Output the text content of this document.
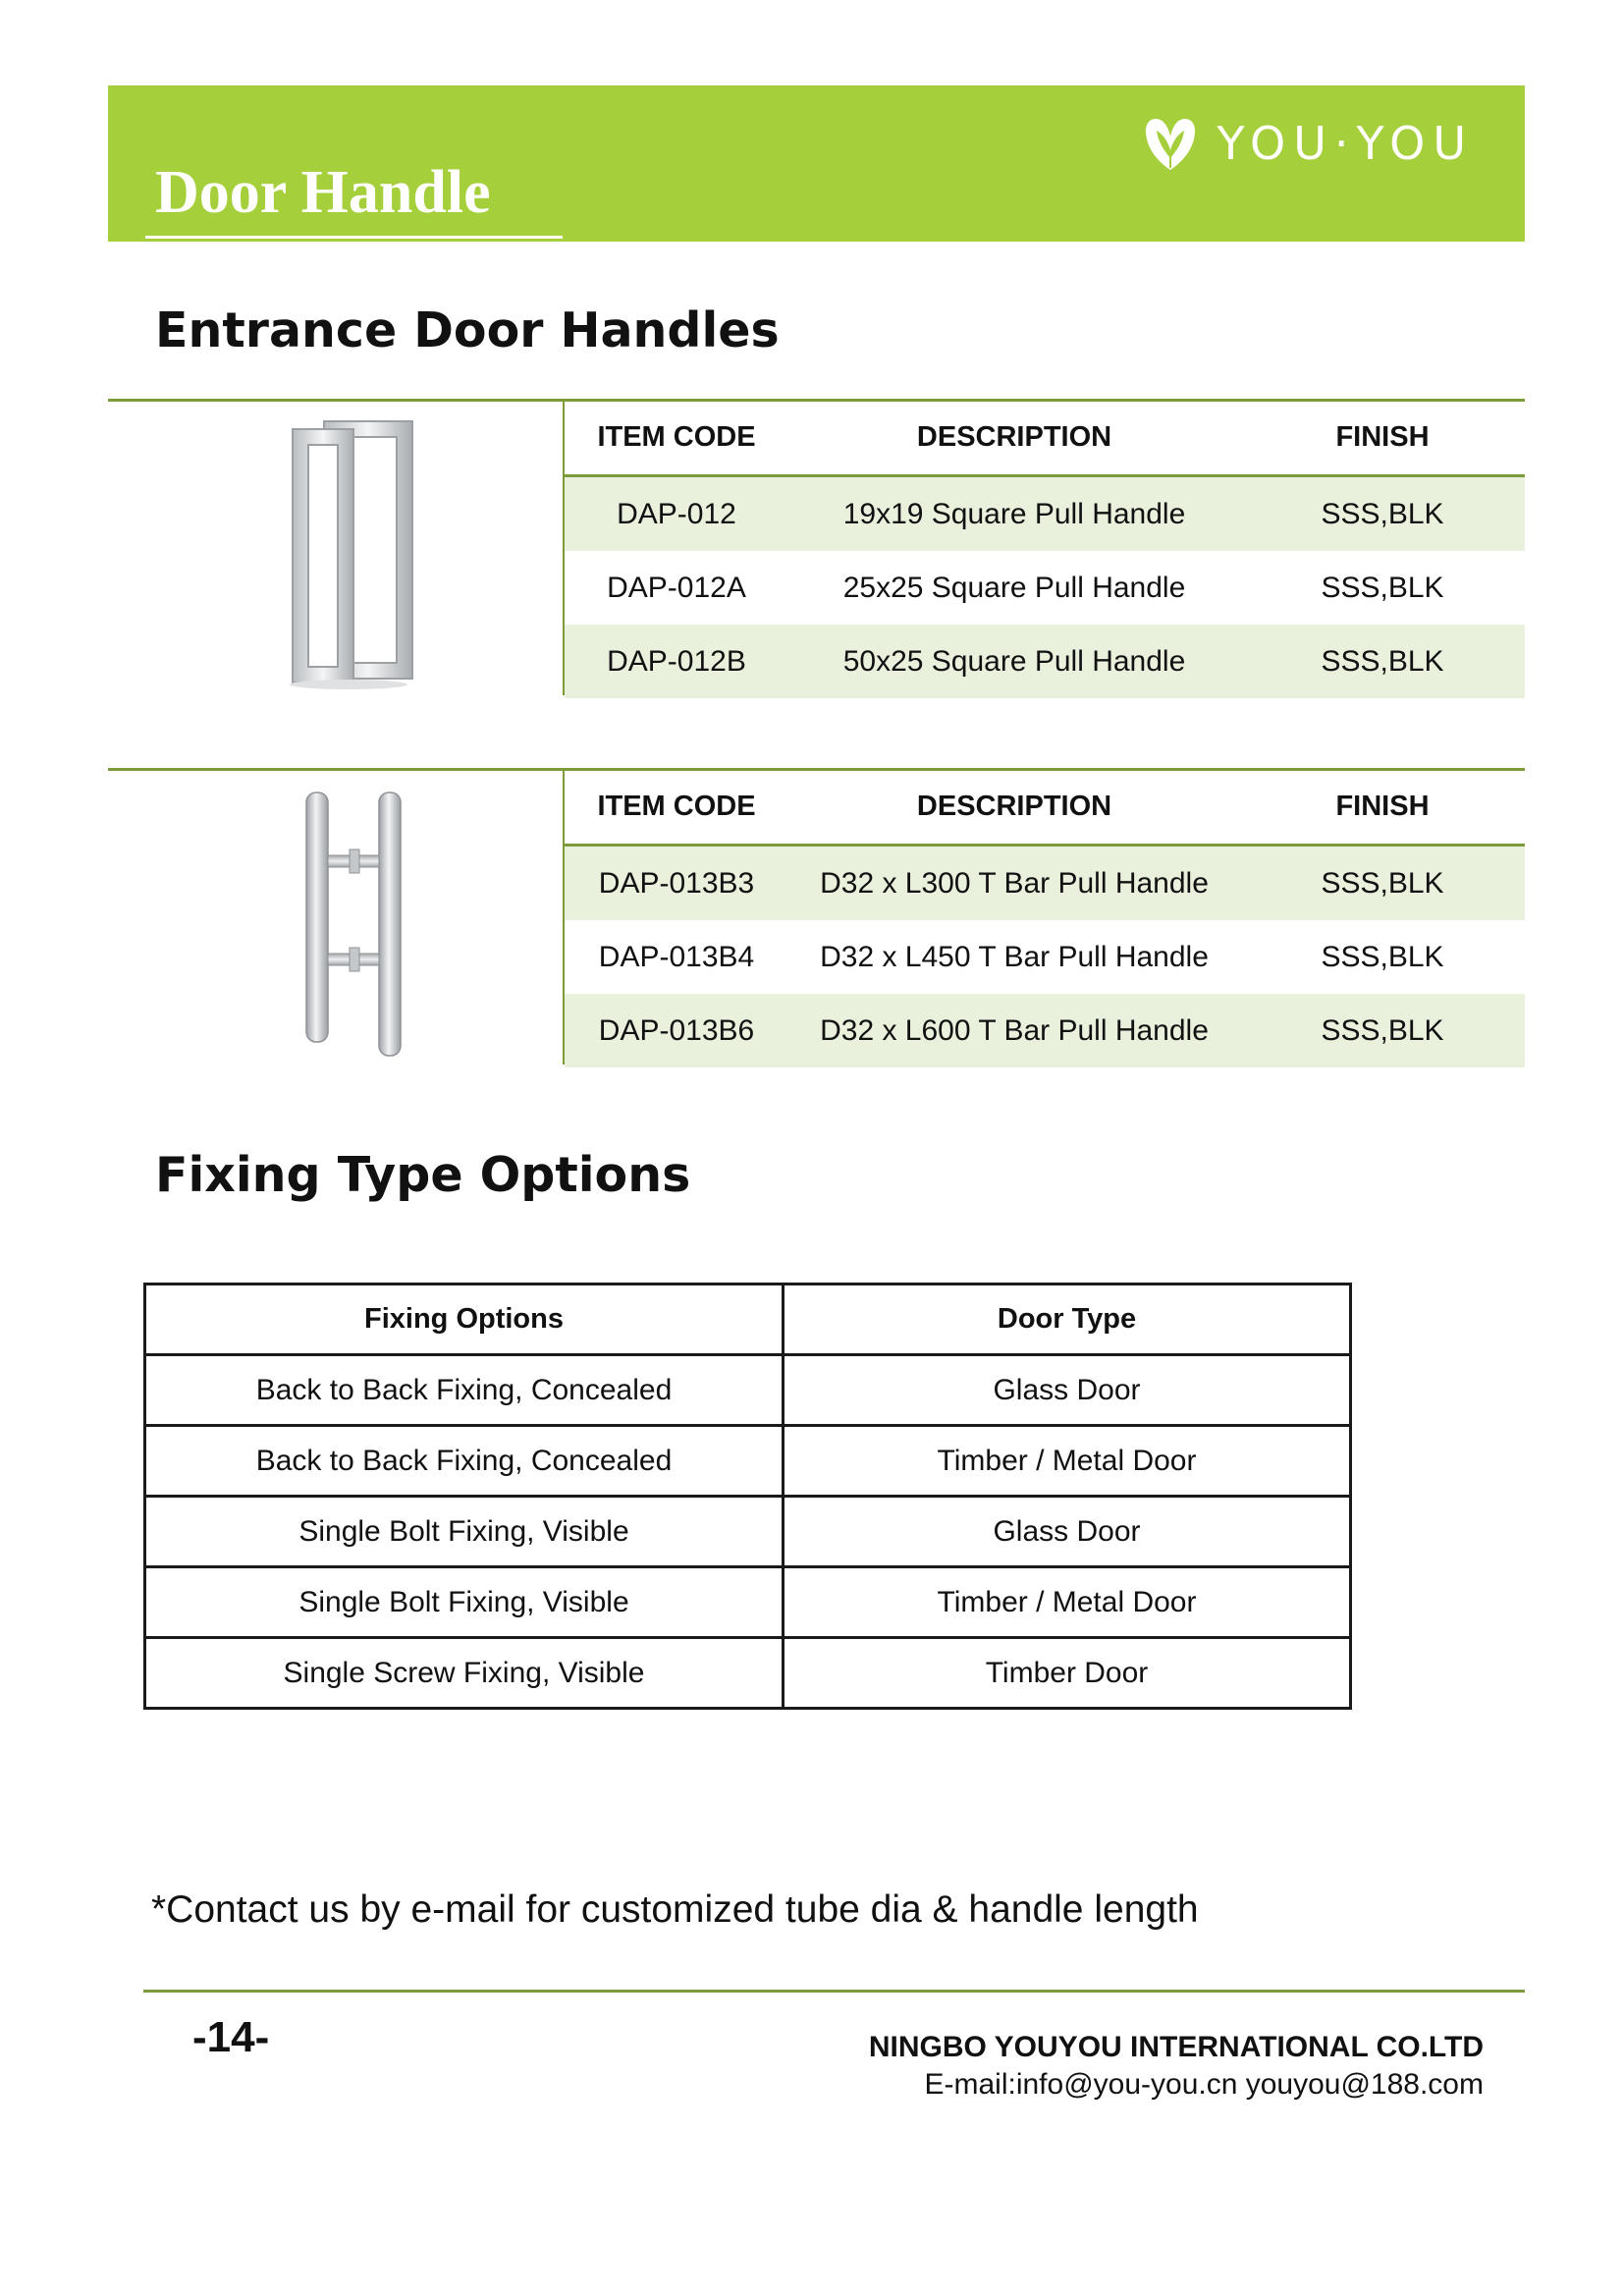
YOU·YOU
Door Handle
Entrance Door Handles
ITEM CODE	DESCRIPTION	FINISH
DAP-012	19x19 Square Pull Handle	SSS,BLK
DAP-012A	25x25 Square Pull Handle	SSS,BLK
DAP-012B	50x25 Square Pull Handle	SSS,BLK
ITEM CODE	DESCRIPTION	FINISH
DAP-013B3	D32 x L300 T Bar Pull Handle	SSS,BLK
DAP-013B4	D32 x L450 T Bar Pull Handle	SSS,BLK
DAP-013B6	D32 x L600 T Bar Pull Handle	SSS,BLK
Fixing Type Options
Fixing Options	Door Type
Back to Back Fixing, Concealed	Glass Door
Back to Back Fixing, Concealed	Timber / Metal Door
Single Bolt Fixing, Visible	Glass Door
Single Bolt Fixing, Visible	Timber / Metal Door
Single Screw Fixing, Visible	Timber Door
*Contact us by e-mail for customized tube dia & handle length
-14-	NINGBO YOUYOU INTERNATIONAL CO.LTD
E-mail:info@you-you.cn youyou@188.com
